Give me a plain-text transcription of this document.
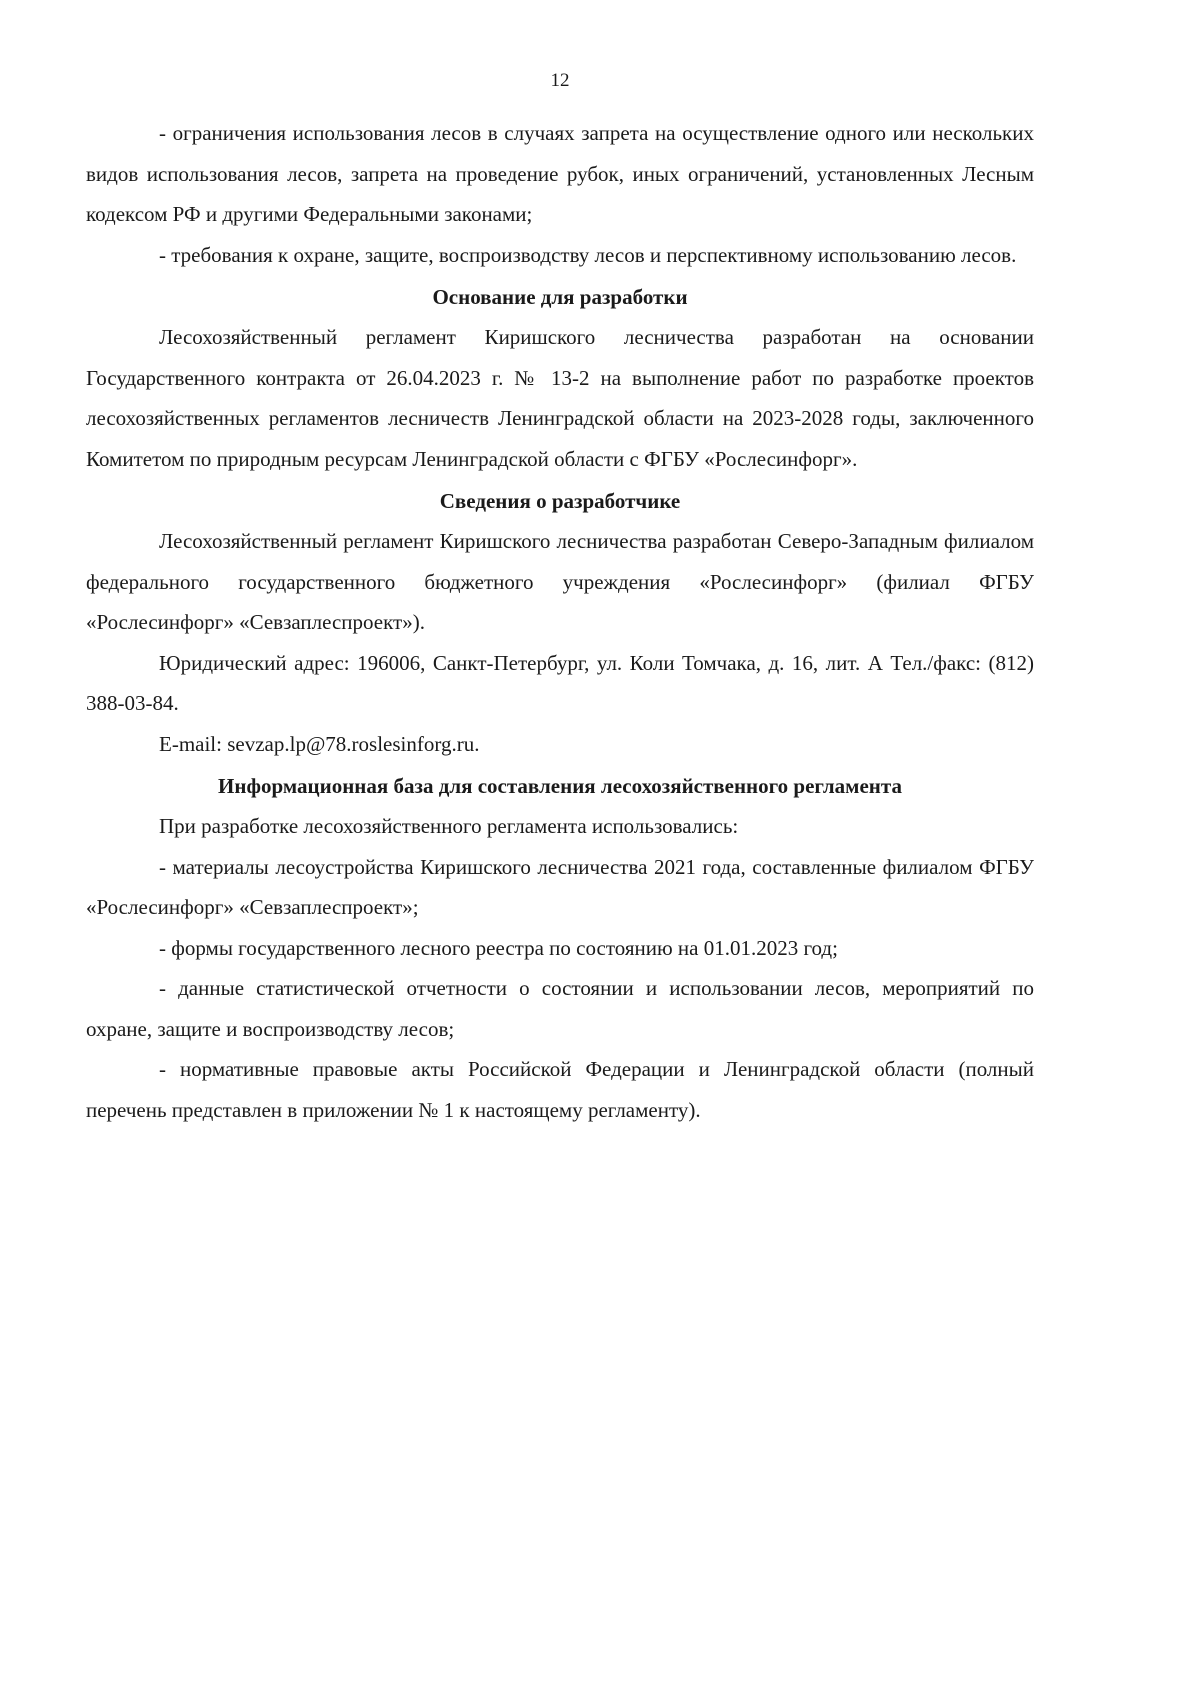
12

- ограничения использования лесов в случаях запрета на осуществление одного или нескольких видов использования лесов, запрета на проведение рубок, иных ограничений, установленных Лесным кодексом РФ и другими Федеральными законами;

- требования к охране, защите, воспроизводству лесов и перспективному использованию лесов.

Основание для разработки

Лесохозяйственный регламент Киришского лесничества разработан на основании Государственного контракта от 26.04.2023 г. № 13-2 на выполнение работ по разработке проектов лесохозяйственных регламентов лесничеств Ленинградской области на 2023-2028 годы, заключенного Комитетом по природным ресурсам Ленинградской области с ФГБУ «Рослесинфорг».

Сведения о разработчике

Лесохозяйственный регламент Киришского лесничества разработан Северо-Западным филиалом федерального государственного бюджетного учреждения «Рослесинфорг» (филиал ФГБУ «Рослесинфорг» «Севзаплеспроект»).

Юридический адрес: 196006, Санкт-Петербург, ул. Коли Томчака, д. 16, лит. А Тел./факс: (812) 388-03-84.

E-mail: sevzap.lp@78.roslesinforg.ru.

Информационная база для составления лесохозяйственного регламента

При разработке лесохозяйственного регламента использовались:

- материалы лесоустройства Киришского лесничества 2021 года, составленные филиалом ФГБУ «Рослесинфорг» «Севзаплеспроект»;

- формы государственного лесного реестра по состоянию на 01.01.2023 год;

- данные статистической отчетности о состоянии и использовании лесов, мероприятий по охране, защите и воспроизводству лесов;

- нормативные правовые акты Российской Федерации и Ленинградской области (полный перечень представлен в приложении № 1 к настоящему регламенту).
